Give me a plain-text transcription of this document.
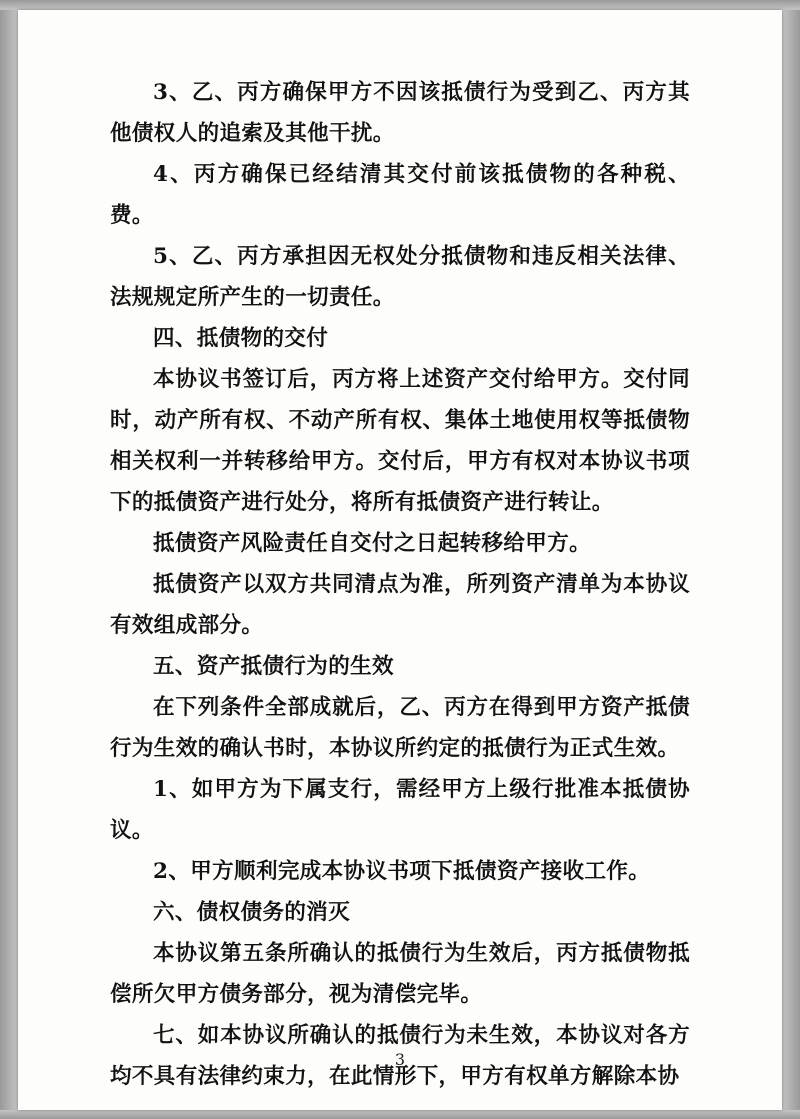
3、乙、丙方确保甲方不因该抵债行为受到乙、丙方其他债权人的追索及其他干扰。

4、丙方确保已经结清其交付前该抵债物的各种税、费。

5、乙、丙方承担因无权处分抵债物和违反相关法律、法规规定所产生的一切责任。

四、抵债物的交付

本协议书签订后，丙方将上述资产交付给甲方。交付同时，动产所有权、不动产所有权、集体土地使用权等抵债物相关权利一并转移给甲方。交付后，甲方有权对本协议书项下的抵债资产进行处分，将所有抵债资产进行转让。

抵债资产风险责任自交付之日起转移给甲方。

抵债资产以双方共同清点为准，所列资产清单为本协议有效组成部分。

五、资产抵债行为的生效

在下列条件全部成就后，乙、丙方在得到甲方资产抵债行为生效的确认书时，本协议所约定的抵债行为正式生效。

1、如甲方为下属支行，需经甲方上级行批准本抵债协议。

2、甲方顺利完成本协议书项下抵债资产接收工作。

六、债权债务的消灭

本协议第五条所确认的抵债行为生效后，丙方抵债物抵偿所欠甲方债务部分，视为清偿完毕。

七、如本协议所确认的抵债行为未生效，本协议对各方均不具有法律约束力，在此情形下，甲方有权单方解除本协

3
